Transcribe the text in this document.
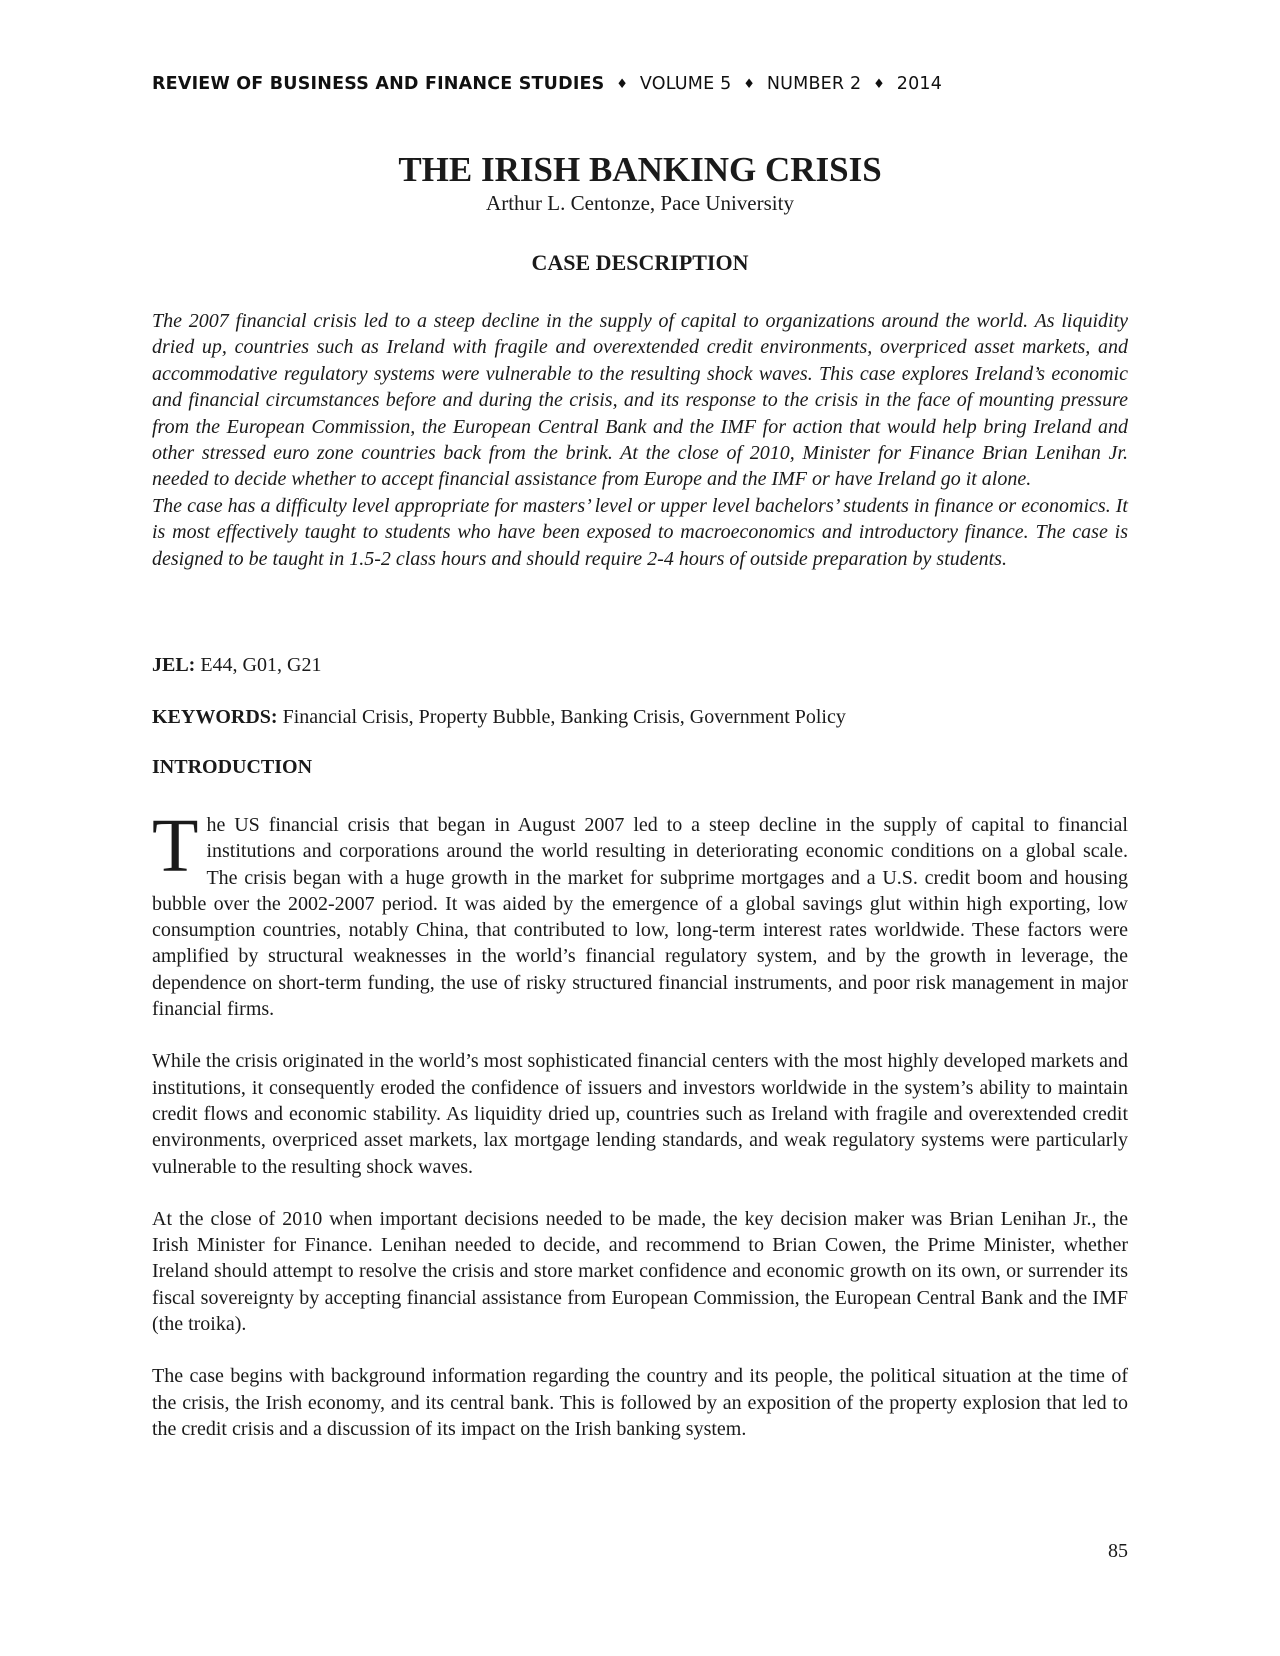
REVIEW OF BUSINESS AND FINANCE STUDIES ♦ VOLUME 5 ♦ NUMBER 2 ♦ 2014
THE IRISH BANKING CRISIS

Arthur L. Centonze, Pace University

CASE DESCRIPTION

The 2007 financial crisis led to a steep decline in the supply of capital to organizations around the world. As liquidity dried up, countries such as Ireland with fragile and overextended credit environments, overpriced asset markets, and accommodative regulatory systems were vulnerable to the resulting shock waves. This case explores Ireland’s economic and financial circumstances before and during the crisis, and its response to the crisis in the face of mounting pressure from the European Commission, the European Central Bank and the IMF for action that would help bring Ireland and other stressed euro zone countries back from the brink. At the close of 2010, Minister for Finance Brian Lenihan Jr. needed to decide whether to accept financial assistance from Europe and the IMF or have Ireland go it alone.

The case has a difficulty level appropriate for masters’ level or upper level bachelors’ students in finance or economics. It is most effectively taught to students who have been exposed to macroeconomics and introductory finance. The case is designed to be taught in 1.5-2 class hours and should require 2-4 hours of outside preparation by students.

JEL: E44, G01, G21
KEYWORDS: Financial Crisis, Property Bubble, Banking Crisis, Government Policy
INTRODUCTION

The US financial crisis that began in August 2007 led to a steep decline in the supply of capital to financial institutions and corporations around the world resulting in deteriorating economic conditions on a global scale. The crisis began with a huge growth in the market for subprime mortgages and a U.S. credit boom and housing bubble over the 2002-2007 period. It was aided by the emergence of a global savings glut within high exporting, low consumption countries, notably China, that contributed to low, long-term interest rates worldwide. These factors were amplified by structural weaknesses in the world’s financial regulatory system, and by the growth in leverage, the dependence on short-term funding, the use of risky structured financial instruments, and poor risk management in major financial firms.

While the crisis originated in the world’s most sophisticated financial centers with the most highly developed markets and institutions, it consequently eroded the confidence of issuers and investors worldwide in the system’s ability to maintain credit flows and economic stability. As liquidity dried up, countries such as Ireland with fragile and overextended credit environments, overpriced asset markets, lax mortgage lending standards, and weak regulatory systems were particularly vulnerable to the resulting shock waves.

At the close of 2010 when important decisions needed to be made, the key decision maker was Brian Lenihan Jr., the Irish Minister for Finance. Lenihan needed to decide, and recommend to Brian Cowen, the Prime Minister, whether Ireland should attempt to resolve the crisis and store market confidence and economic growth on its own, or surrender its fiscal sovereignty by accepting financial assistance from European Commission, the European Central Bank and the IMF (the troika).

The case begins with background information regarding the country and its people, the political situation at the time of the crisis, the Irish economy, and its central bank. This is followed by an exposition of the property explosion that led to the credit crisis and a discussion of its impact on the Irish banking system.

85
